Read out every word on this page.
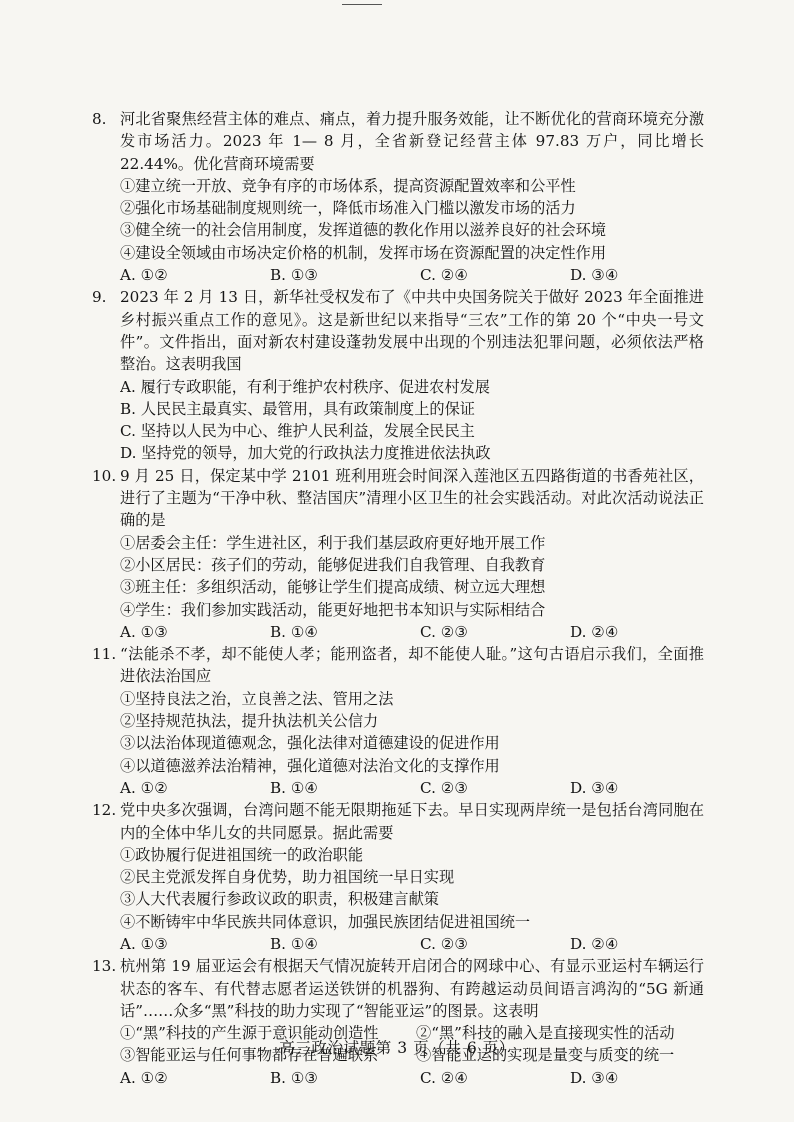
8. 河北省聚焦经营主体的难点、痛点，着力提升服务效能，让不断优化的营商环境充分激发市场活力。2023 年 1— 8 月，全省新登记经营主体 97.83 万户，同比增长 22.44%。优化营商环境需要
①建立统一开放、竞争有序的市场体系，提高资源配置效率和公平性
②强化市场基础制度规则统一，降低市场准入门槛以激发市场的活力
③健全统一的社会信用制度，发挥道德的教化作用以滋养良好的社会环境
④建设全领域由市场决定价格的机制，发挥市场在资源配置的决定性作用
A. ①②	B. ①③	C. ②④	D. ③④
9. 2023 年 2 月 13 日，新华社受权发布了《中共中央国务院关于做好 2023 年全面推进乡村振兴重点工作的意见》。这是新世纪以来指导“三农”工作的第 20 个“中央一号文件”。文件指出，面对新农村建设蓬勃发展中出现的个别违法犯罪问题，必须依法严格整治。这表明我国
A. 履行专政职能，有利于维护农村秩序、促进农村发展
B. 人民民主最真实、最管用，具有政策制度上的保证
C. 坚持以人民为中心、维护人民利益，发展全民民主
D. 坚持党的领导，加大党的行政执法力度推进依法执政
10. 9 月 25 日，保定某中学 2101 班利用班会时间深入莲池区五四路街道的书香苑社区，进行了主题为“干净中秋、整洁国庆”清理小区卫生的社会实践活动。对此次活动说法正确的是
①居委会主任：学生进社区，利于我们基层政府更好地开展工作
②小区居民：孩子们的劳动，能够促进我们自我管理、自我教育
③班主任：多组织活动，能够让学生们提高成绩、树立远大理想
④学生：我们参加实践活动，能更好地把书本知识与实际相结合
A. ①③	B. ①④	C. ②③	D. ②④
11. “法能杀不孝，却不能使人孝；能刑盗者，却不能使人耻。”这句古语启示我们，全面推进依法治国应
①坚持良法之治，立良善之法、管用之法
②坚持规范执法，提升执法机关公信力
③以法治体现道德观念，强化法律对道德建设的促进作用
④以道德滋养法治精神，强化道德对法治文化的支撑作用
A. ①②	B. ①④	C. ②③	D. ③④
12. 党中央多次强调，台湾问题不能无限期拖延下去。早日实现两岸统一是包括台湾同胞在内的全体中华儿女的共同愿景。据此需要
①政协履行促进祖国统一的政治职能
②民主党派发挥自身优势，助力祖国统一早日实现
③人大代表履行参政议政的职责，积极建言献策
④不断铸牢中华民族共同体意识，加强民族团结促进祖国统一
A. ①③	B. ①④	C. ②③	D. ②④
13. 杭州第 19 届亚运会有根据天气情况旋转开启闭合的网球中心、有显示亚运村车辆运行状态的客车、有代替志愿者运送铁饼的机器狗、有跨越运动员间语言鸿沟的“5G 新通话”……众多“黑”科技的助力实现了“智能亚运”的图景。这表明
①“黑”科技的产生源于意识能动创造性	②“黑”科技的融入是直接现实性的活动
③智能亚运与任何事物都存在普遍联系	④智能亚运的实现是量变与质变的统一
A. ①②	B. ①③	C. ②④	D. ③④
高三政治试题第 3 页（共 6 页）
